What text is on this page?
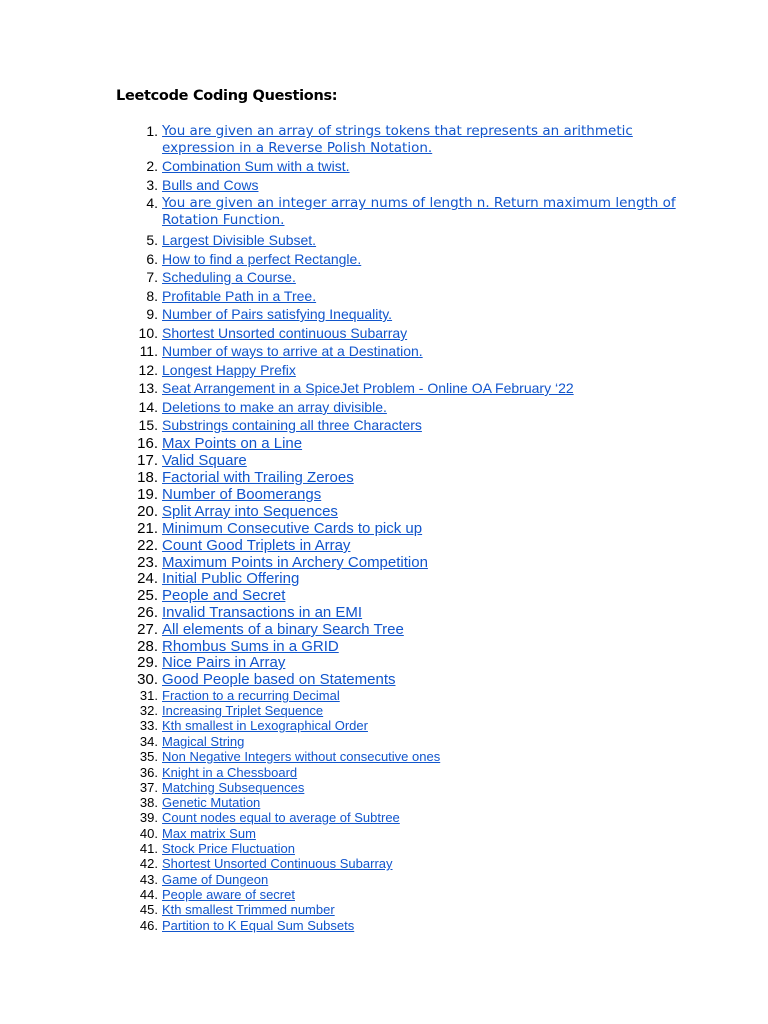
Leetcode Coding Questions:
1. You are given an array of strings tokens that represents an arithmetic expression in a Reverse Polish Notation.
2. Combination Sum with a twist.
3. Bulls and Cows
4. You are given an integer array nums of length n. Return maximum length of Rotation Function.
5. Largest Divisible Subset.
6. How to find a perfect Rectangle.
7. Scheduling a Course.
8. Profitable Path in a Tree.
9. Number of Pairs satisfying Inequality.
10. Shortest Unsorted continuous Subarray
11. Number of ways to arrive at a Destination.
12. Longest Happy Prefix
13. Seat Arrangement in a SpiceJet Problem - Online OA February ‘22
14. Deletions to make an array divisible.
15. Substrings containing all three Characters
16. Max Points on a Line
17. Valid Square
18. Factorial with Trailing Zeroes
19. Number of Boomerangs
20. Split Array into Sequences
21. Minimum Consecutive Cards to pick up
22. Count Good Triplets in Array
23. Maximum Points in Archery Competition
24. Initial Public Offering
25. People and Secret
26. Invalid Transactions in an EMI
27. All elements of a binary Search Tree
28. Rhombus Sums in a GRID
29. Nice Pairs in Array
30. Good People based on Statements
31. Fraction to a recurring Decimal
32. Increasing Triplet Sequence
33. Kth smallest in Lexographical Order
34. Magical String
35. Non Negative Integers without consecutive ones
36. Knight in a Chessboard
37. Matching Subsequences
38. Genetic Mutation
39. Count nodes equal to average of Subtree
40. Max matrix Sum
41. Stock Price Fluctuation
42. Shortest Unsorted Continuous Subarray
43. Game of Dungeon
44. People aware of secret
45. Kth smallest Trimmed number
46. Partition to K Equal Sum Subsets
